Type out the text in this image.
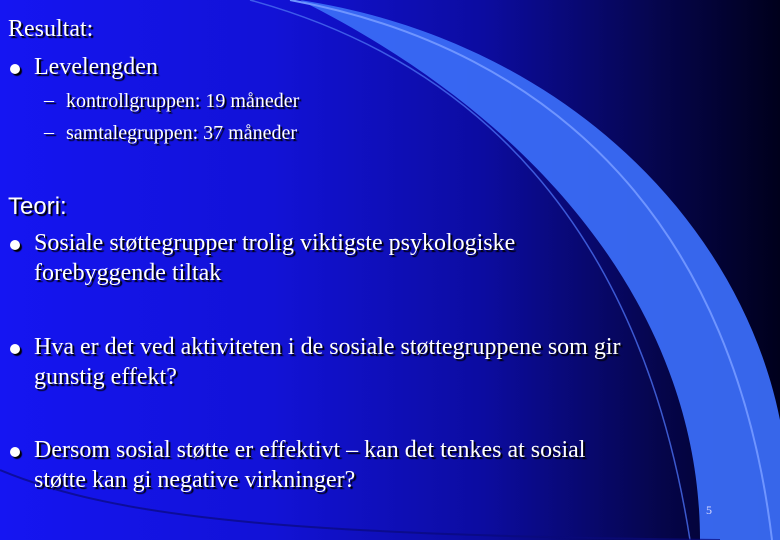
Resultat:
Levelengden
– kontrollgruppen: 19 måneder
– samtalegruppen: 37 måneder
Teori:
Sosiale støttegrupper trolig viktigste psykologiske
forebyggende tiltak
Hva er det ved aktiviteten i de sosiale støttegruppene som gir
gunstig effekt?
Dersom sosial støtte er effektivt – kan det tenkes at sosial
støtte kan gi negative virkninger?
5
